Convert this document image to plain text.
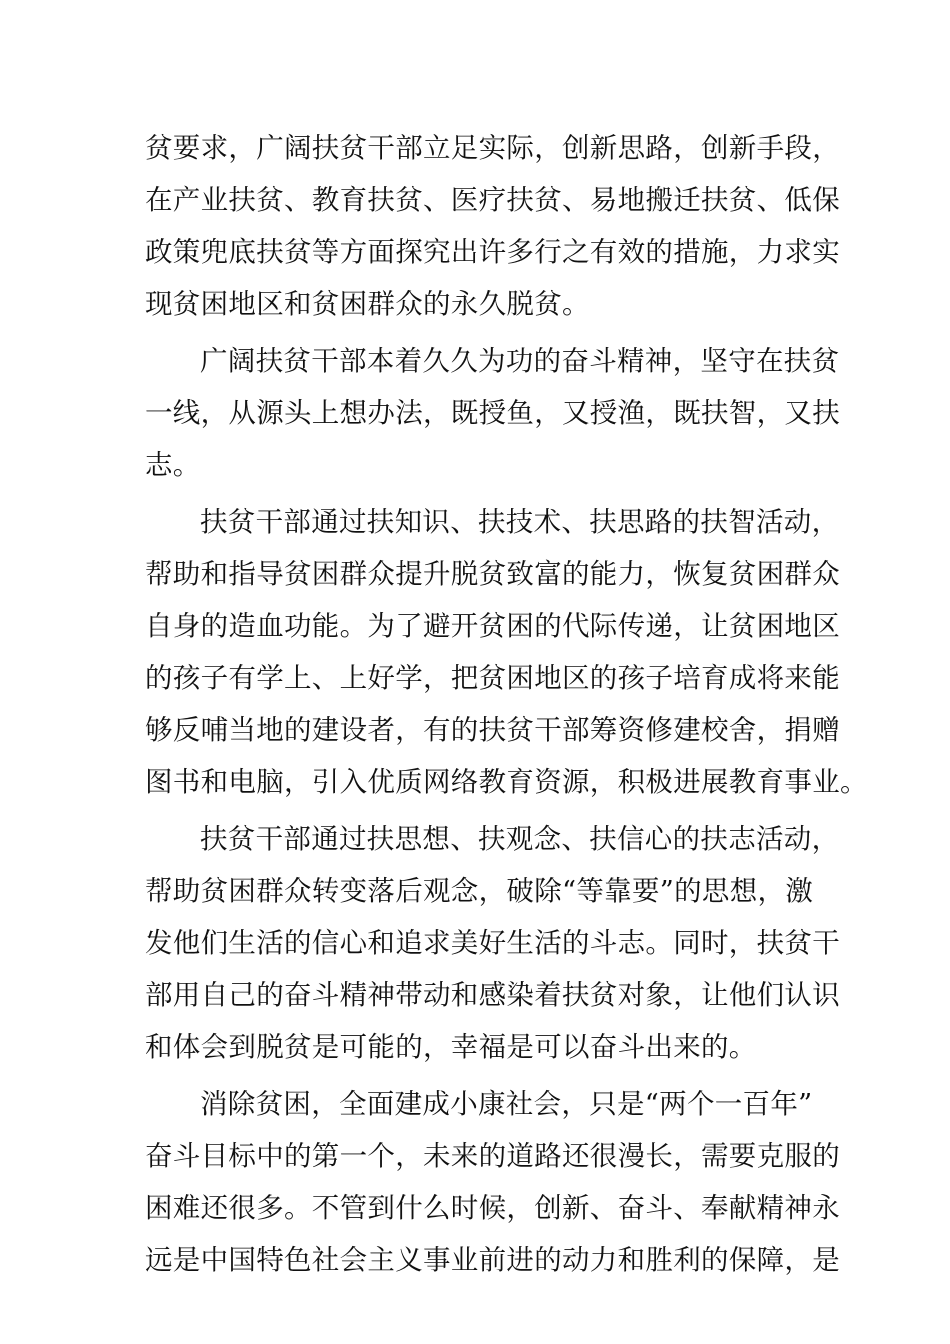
贫要求，广阔扶贫干部立足实际，创新思路，创新手段，
在产业扶贫、教育扶贫、医疗扶贫、易地搬迁扶贫、低保
政策兜底扶贫等方面探究出许多行之有效的措施，力求实
现贫困地区和贫困群众的永久脱贫。
广阔扶贫干部本着久久为功的奋斗精神，坚守在扶贫
一线，从源头上想办法，既授鱼，又授渔，既扶智，又扶
志。
扶贫干部通过扶知识、扶技术、扶思路的扶智活动，
帮助和指导贫困群众提升脱贫致富的能力，恢复贫困群众
自身的造血功能。为了避开贫困的代际传递，让贫困地区
的孩子有学上、上好学，把贫困地区的孩子培育成将来能
够反哺当地的建设者，有的扶贫干部筹资修建校舍，捐赠
图书和电脑，引入优质网络教育资源，积极进展教育事业。
扶贫干部通过扶思想、扶观念、扶信心的扶志活动，
帮助贫困群众转变落后观念，破除“等靠要”的思想，激
发他们生活的信心和追求美好生活的斗志。同时，扶贫干
部用自己的奋斗精神带动和感染着扶贫对象，让他们认识
和体会到脱贫是可能的，幸福是可以奋斗出来的。
消除贫困，全面建成小康社会，只是“两个一百年”
奋斗目标中的第一个，未来的道路还很漫长，需要克服的
困难还很多。不管到什么时候，创新、奋斗、奉献精神永
远是中国特色社会主义事业前进的动力和胜利的保障，是
